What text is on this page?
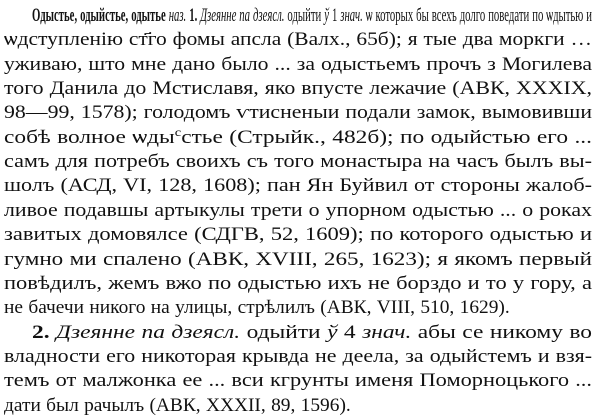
Одыстье, одыйстье, одытье наз. 1. Дзеянне па дзеясл. одыйти ў 1 знач. ѡ которых бы всехъ долго поведати по ѡдытью и
ѡдступленію ст҃го фомы апсла (Валх., 65б); я тые два моркги …
уживаю, што мне дано было ... за одыстьемъ прочъ з Могилева
того Данила до Мстиславя, яко впусте лежачие (АВК, XXXIX,
98—99, 1578); голодомъ ѵтисненыи подали замок, вымовивши
собѣ волное ѡды$^с$стье (Стрыйк., 482б); по одыйстью его ...
самъ для потребъ своихъ съ того монастыра на часъ былъ вы-
шолъ (АСД, VI, 128, 1608); пан Ян Буйвил от стороны жалоб-
ливое подавшы артыкулы трети о упорном одыстью ... о роках
завитых домовялсе (СДГВ, 52, 1609); по которого одыстью и
гумно ми спалено (АВК, XVIII, 265, 1623); я якомъ первый
повѣдилъ, жемъ вжо по одыстью ихъ не борздо и то у гору, а
не бачечи никого на улицы, стрѣлилъ (АВК, VIII, 510, 1629).
2. Дзеянне па дзеясл. одыйти ў 4 знач. абы се никому во
владности его никоторая крывда не деела, за одыйстемъ и взя-
темъ от малжонка ее ... вси кгрунты именя Поморноцького ...
дати был рачылъ (АВК, XXXII, 89, 1596).
